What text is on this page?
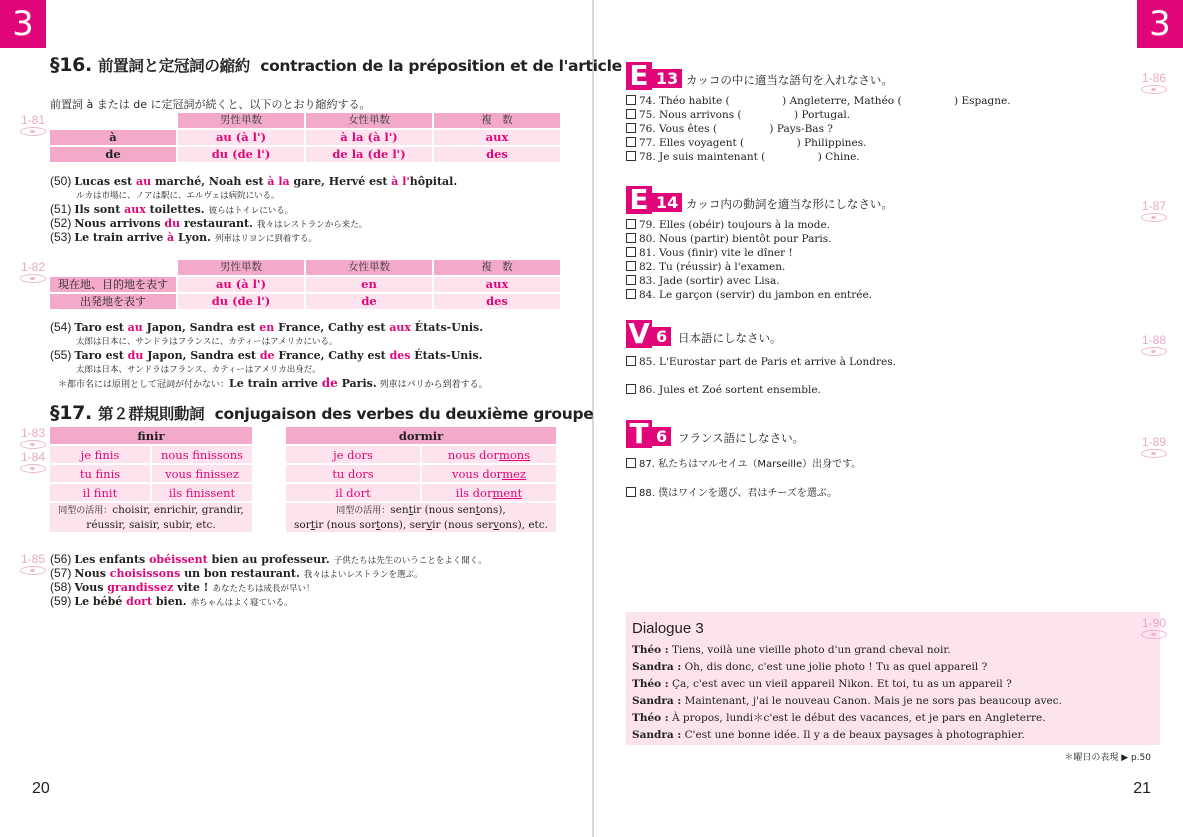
3
§16. 前置詞と定冠詞の縮約 contraction de la préposition et de l'article
前置詞 à または de に定冠詞が続くと、以下のとおり縮約する。
1-81
		男性単数	女性単数	複　数
à	au (à l')	à la (à l')	aux
de	du (de l')	de la (de l')	des
(50) Lucas est au marché, Noah est à la gare, Hervé est à l'hôpital.
ルカは市場に、ノアは駅に、エルヴェは病院にいる。
(51) Ils sont aux toilettes. 彼らはトイレにいる。
(52) Nous arrivons du restaurant. 我々はレストランから来た。
(53) Le train arrive à Lyon. 列車はリヨンに到着する。
1-82
		男性単数	女性単数	複　数
現在地、目的地を表す	au (à l')	en	aux
出発地を表す	du (de l')	de	des
(54) Taro est au Japon, Sandra est en France, Cathy est aux États-Unis.
太郎は日本に、サンドラはフランスに、カティーはアメリカにいる。
(55) Taro est du Japon, Sandra est de France, Cathy est des États-Unis.
太郎は日本、サンドラはフランス、カティーはアメリカ出身だ。
＊都市名には原則として冠詞が付かない：Le train arrive de Paris. 列車はパリから到着する。
§17. 第２群規則動詞 conjugaison des verbes du deuxième groupe
1-83
1-84
finir	
je finis	nous finissons
tu finis	vous finissez
il finit	ils finissent
同型の活用：choisir, enrichir, grandir,
réussir, saisir, subir, etc.	
dormir	
je dors	nous dormons
tu dors	vous dormez
il dort	ils dorment
同型の活用：sentir (nous sentons),
sortir (nous sortons), servir (nous servons), etc.	
1-85 (56) Les enfants obéissent bien au professeur. 子供たちは先生のいうことをよく聞く。
(57) Nous choisissons un bon restaurant. 我々はよいレストランを選ぶ。
(58) Vous grandissez vite ! あなたたちは成長が早い！
(59) Le bébé dort bien. 赤ちゃんはよく寝ている。
20
3
E 13 カッコの中に適当な語句を入れなさい。	1-86
74. Théo habite (　　　　　) Angleterre, Mathéo (　　　　　) Espagne.
75. Nous arrivons (　　　　　) Portugal.
76. Vous êtes (　　　　　) Pays-Bas ?
77. Elles voyagent (　　　　　) Philippines.
78. Je suis maintenant (　　　　　) Chine.
E 14 カッコ内の動詞を適当な形にしなさい。	1-87
79. Elles (obéir) toujours à la mode.
80. Nous (partir) bientôt pour Paris.
81. Vous (finir) vite le dîner !
82. Tu (réussir) à l'examen.
83. Jade (sortir) avec Lisa.
84. Le garçon (servir) du jambon en entrée.
V 6 日本語にしなさい。	1-88
85. L'Eurostar part de Paris et arrive à Londres.
86. Jules et Zoé sortent ensemble.
T 6 フランス語にしなさい。	1-89
87. 私たちはマルセイユ（Marseille）出身です。
88. 僕はワインを選び、君はチーズを選ぶ。
Dialogue 3
Théo : Tiens, voilà une vieille photo d'un grand cheval noir.
Sandra : Oh, dis donc, c'est une jolie photo ! Tu as quel appareil ?
Théo : Ça, c'est avec un vieil appareil Nikon. Et toi, tu as un appareil ?
Sandra : Maintenant, j'ai le nouveau Canon. Mais je ne sors pas beaucoup avec.
Théo : À propos, lundi＊c'est le début des vacances, et je pars en Angleterre.
Sandra : C'est une bonne idée. Il y a de beaux paysages à photographier.
1-90
＊曜日の表現 ▶ p.50
21
